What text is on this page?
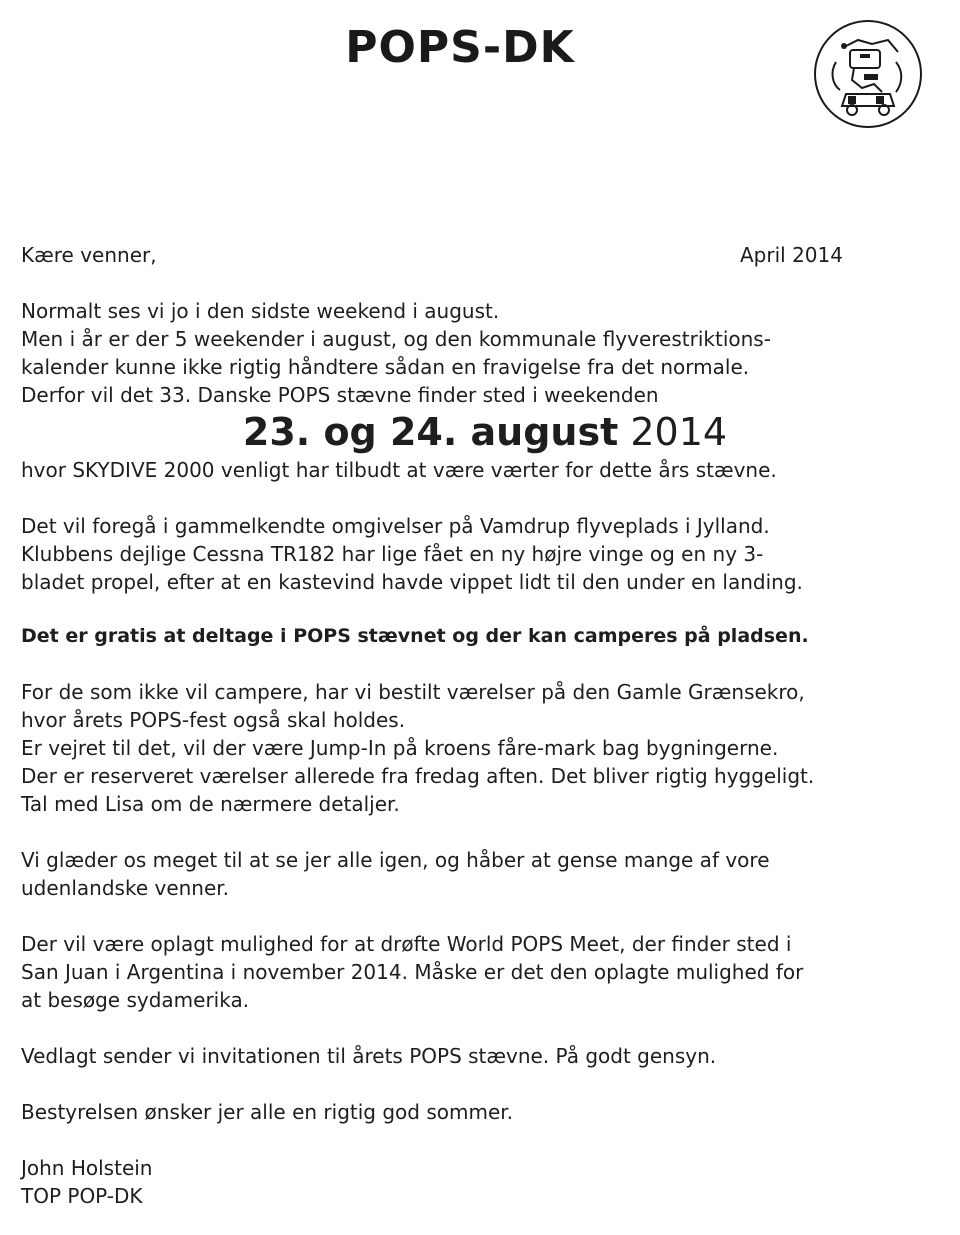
POPS-DK
Kære venner,	April 2014
Normalt ses vi jo i den sidste weekend i august.
Men i år er der 5 weekender i august, og den kommunale flyverestriktions-
kalender kunne ikke rigtig håndtere sådan en fravigelse fra det normale.
Derfor vil det 33. Danske POPS stævne finder sted i weekenden
23. og 24. august 2014
hvor SKYDIVE 2000 venligt har tilbudt at være værter for dette års stævne.
Det vil foregå i gammelkendte omgivelser på Vamdrup flyveplads i Jylland.
Klubbens dejlige Cessna TR182 har lige fået en ny højre vinge og en ny 3-
bladet propel, efter at en kastevind havde vippet lidt til den under en landing.
Det er gratis at deltage i POPS stævnet og der kan camperes på pladsen.
For de som ikke vil campere, har vi bestilt værelser på den Gamle Grænsekro,
hvor årets POPS-fest også skal holdes.
Er vejret til det, vil der være Jump-In på kroens fåre-mark bag bygningerne.
Der er reserveret værelser allerede fra fredag aften. Det bliver rigtig hyggeligt.
Tal med Lisa om de nærmere detaljer.
Vi glæder os meget til at se jer alle igen, og håber at gense mange af vore
udenlandske venner.
Der vil være oplagt mulighed for at drøfte World POPS Meet, der finder sted i
San Juan i Argentina i november 2014. Måske er det den oplagte mulighed for
at besøge sydamerika.
Vedlagt sender vi invitationen til årets POPS stævne. På godt gensyn.
Bestyrelsen ønsker jer alle en rigtig god sommer.
John Holstein
TOP POP-DK
